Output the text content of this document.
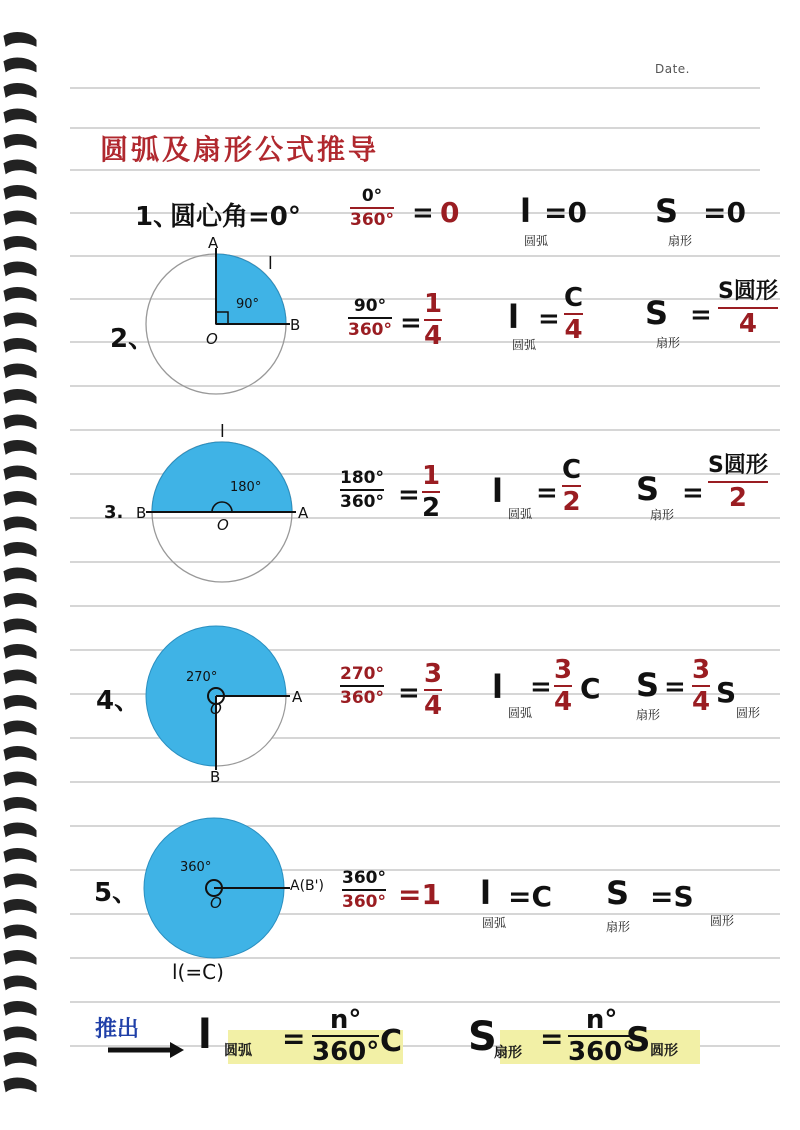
Date.
圆弧及扇形公式推导
1、
圆心角=0°	$\frac{0^\circ}{360^\circ} = 0$ l
圆弧
=0 S
扇形
=0
A
B
O
90°
l
2、	$\frac{90^\circ}{360^\circ} = \frac{1}{4}$ l
圆弧
= $\frac{C}{4}$ S
扇形
= $\frac{\text{S圆形}}{4}$
3. B	A
O
180°
l
$\frac{180^\circ}{360^\circ} = \frac{1}{2}$ l
圆弧
= $\frac{C}{2}$ S
扇形
= $\frac{\text{S圆形}}{2}$
4、	A
B
O
270°	$\frac{270^\circ}{360^\circ} = \frac{3}{4}$ l
圆弧
= $\frac{3}{4}$ C S
扇形
= $\frac{3}{4}$ S
圆形
5、	A(B')
O
360°
l(=C)
$\frac{360^\circ}{360^\circ} =1$ l
圆弧
=C S
扇形
=S
圆形
推出 l 圆弧 = $\frac{n^\circ}{360^\circ}$ C S
扇形 = $\frac{n^\circ}{360^\circ}$
S 圆形
